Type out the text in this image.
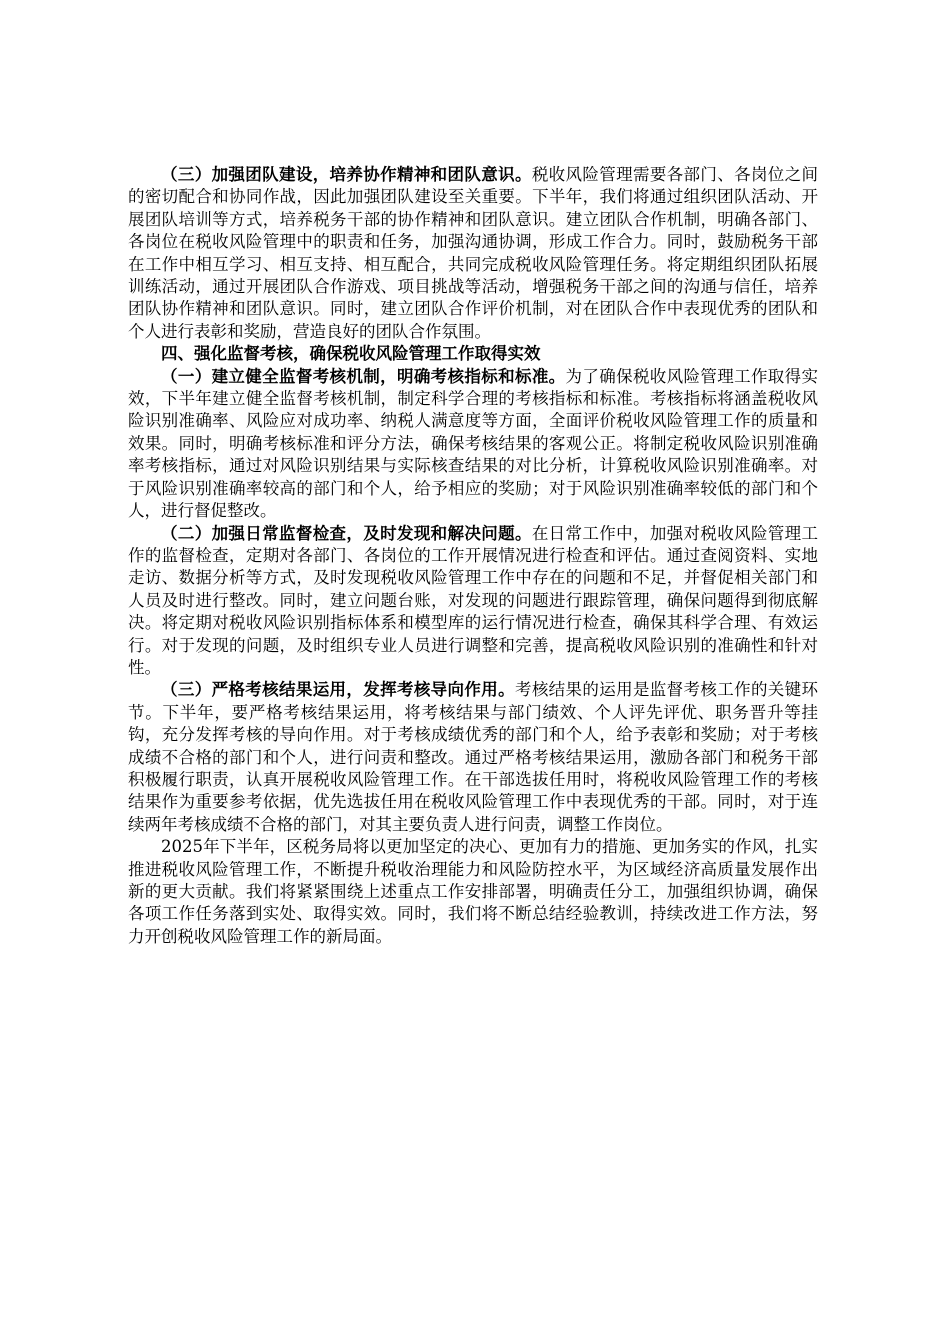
（三）加强团队建设，培养协作精神和团队意识。税收风险管理需要各部门、各岗位之间的密切配合和协同作战，因此加强团队建设至关重要。下半年，我们将通过组织团队活动、开展团队培训等方式，培养税务干部的协作精神和团队意识。建立团队合作机制，明确各部门、各岗位在税收风险管理中的职责和任务，加强沟通协调，形成工作合力。同时，鼓励税务干部在工作中相互学习、相互支持、相互配合，共同完成税收风险管理任务。将定期组织团队拓展训练活动，通过开展团队合作游戏、项目挑战等活动，增强税务干部之间的沟通与信任，培养团队协作精神和团队意识。同时，建立团队合作评价机制，对在团队合作中表现优秀的团队和个人进行表彰和奖励，营造良好的团队合作氛围。

四、强化监督考核，确保税收风险管理工作取得实效

（一）建立健全监督考核机制，明确考核指标和标准。为了确保税收风险管理工作取得实效，下半年建立健全监督考核机制，制定科学合理的考核指标和标准。考核指标将涵盖税收风险识别准确率、风险应对成功率、纳税人满意度等方面，全面评价税收风险管理工作的质量和效果。同时，明确考核标准和评分方法，确保考核结果的客观公正。将制定税收风险识别准确率考核指标，通过对风险识别结果与实际核查结果的对比分析，计算税收风险识别准确率。对于风险识别准确率较高的部门和个人，给予相应的奖励；对于风险识别准确率较低的部门和个人，进行督促整改。

（二）加强日常监督检查，及时发现和解决问题。在日常工作中，加强对税收风险管理工作的监督检查，定期对各部门、各岗位的工作开展情况进行检查和评估。通过查阅资料、实地走访、数据分析等方式，及时发现税收风险管理工作中存在的问题和不足，并督促相关部门和人员及时进行整改。同时，建立问题台账，对发现的问题进行跟踪管理，确保问题得到彻底解决。将定期对税收风险识别指标体系和模型库的运行情况进行检查，确保其科学合理、有效运行。对于发现的问题，及时组织专业人员进行调整和完善，提高税收风险识别的准确性和针对性。

（三）严格考核结果运用，发挥考核导向作用。考核结果的运用是监督考核工作的关键环节。下半年，要严格考核结果运用，将考核结果与部门绩效、个人评先评优、职务晋升等挂钩，充分发挥考核的导向作用。对于考核成绩优秀的部门和个人，给予表彰和奖励；对于考核成绩不合格的部门和个人，进行问责和整改。通过严格考核结果运用，激励各部门和税务干部积极履行职责，认真开展税收风险管理工作。在干部选拔任用时，将税收风险管理工作的考核结果作为重要参考依据，优先选拔任用在税收风险管理工作中表现优秀的干部。同时，对于连续两年考核成绩不合格的部门，对其主要负责人进行问责，调整工作岗位。

2025年下半年，区税务局将以更加坚定的决心、更加有力的措施、更加务实的作风，扎实推进税收风险管理工作，不断提升税收治理能力和风险防控水平，为区域经济高质量发展作出新的更大贡献。我们将紧紧围绕上述重点工作安排部署，明确责任分工，加强组织协调，确保各项工作任务落到实处、取得实效。同时，我们将不断总结经验教训，持续改进工作方法，努力开创税收风险管理工作的新局面。
